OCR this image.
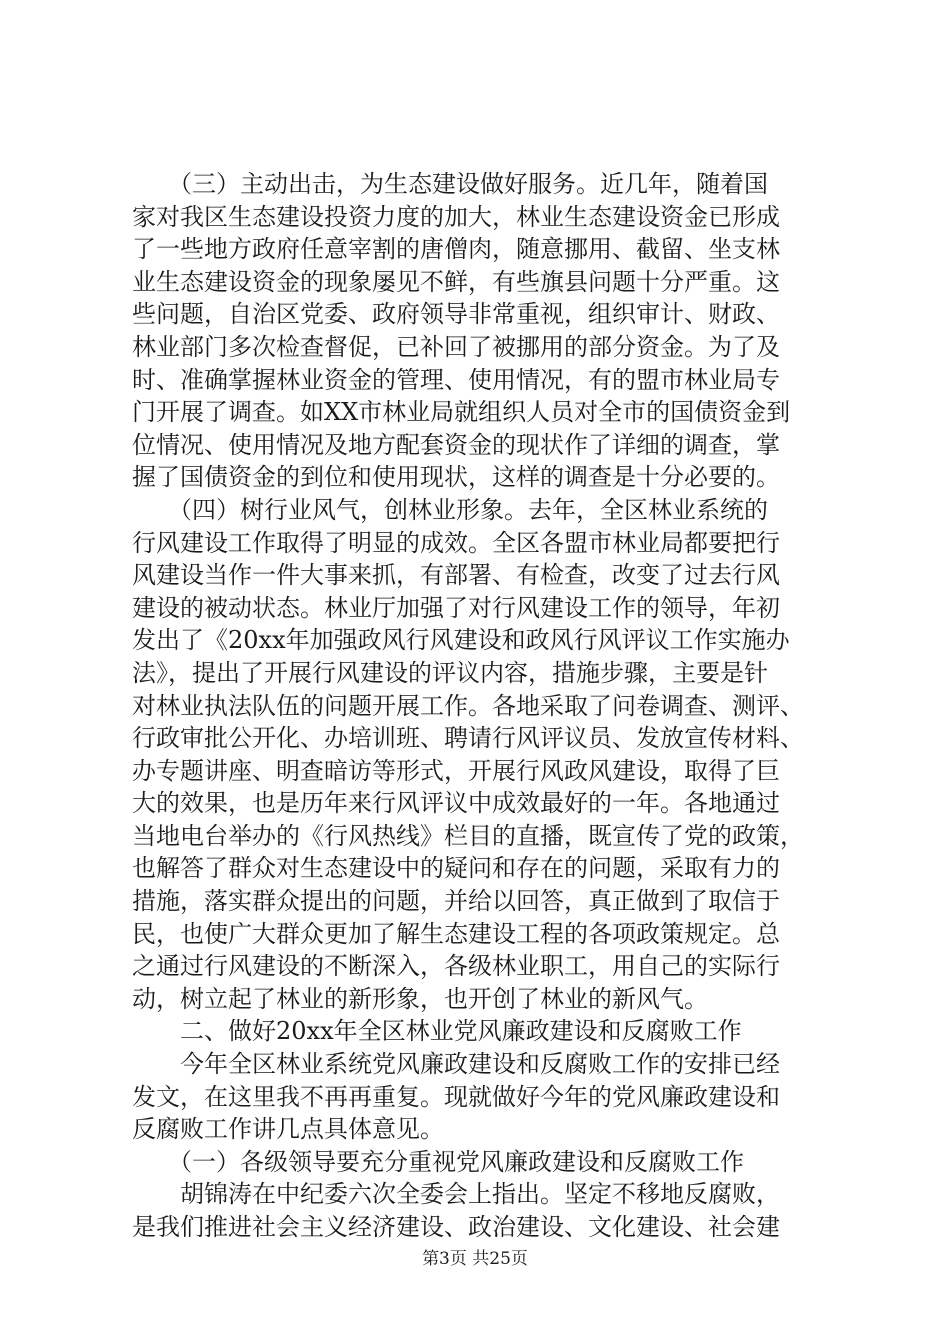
　　（三）主动出击，为生态建设做好服务。近几年，随着国
家对我区生态建设投资力度的加大，林业生态建设资金已形成
了一些地方政府任意宰割的唐僧肉，随意挪用、截留、坐支林
业生态建设资金的现象屡见不鲜，有些旗县问题十分严重。这
些问题，自治区党委、政府领导非常重视，组织审计、财政、
林业部门多次检查督促，已补回了被挪用的部分资金。为了及
时、准确掌握林业资金的管理、使用情况，有的盟市林业局专
门开展了调查。如XX市林业局就组织人员对全市的国债资金到
位情况、使用情况及地方配套资金的现状作了详细的调查，掌
握了国债资金的到位和使用现状，这样的调查是十分必要的。
　　（四）树行业风气，创林业形象。去年，全区林业系统的
行风建设工作取得了明显的成效。全区各盟市林业局都要把行
风建设当作一件大事来抓，有部署、有检查，改变了过去行风
建设的被动状态。林业厅加强了对行风建设工作的领导，年初
发出了《20xx年加强政风行风建设和政风行风评议工作实施办
法》，提出了开展行风建设的评议内容，措施步骤，主要是针
对林业执法队伍的问题开展工作。各地采取了问卷调查、测评、
行政审批公开化、办培训班、聘请行风评议员、发放宣传材料、
办专题讲座、明查暗访等形式，开展行风政风建设，取得了巨
大的效果，也是历年来行风评议中成效最好的一年。各地通过
当地电台举办的《行风热线》栏目的直播，既宣传了党的政策，
也解答了群众对生态建设中的疑问和存在的问题，采取有力的
措施，落实群众提出的问题，并给以回答，真正做到了取信于
民，也使广大群众更加了解生态建设工程的各项政策规定。总
之通过行风建设的不断深入，各级林业职工，用自己的实际行
动，树立起了林业的新形象，也开创了林业的新风气。
　　二、做好20xx年全区林业党风廉政建设和反腐败工作
　　今年全区林业系统党风廉政建设和反腐败工作的安排已经
发文，在这里我不再再重复。现就做好今年的党风廉政建设和
反腐败工作讲几点具体意见。
　　（一）各级领导要充分重视党风廉政建设和反腐败工作
　　胡锦涛在中纪委六次全委会上指出。坚定不移地反腐败，
是我们推进社会主义经济建设、政治建设、文化建设、社会建
第3页 共25页
